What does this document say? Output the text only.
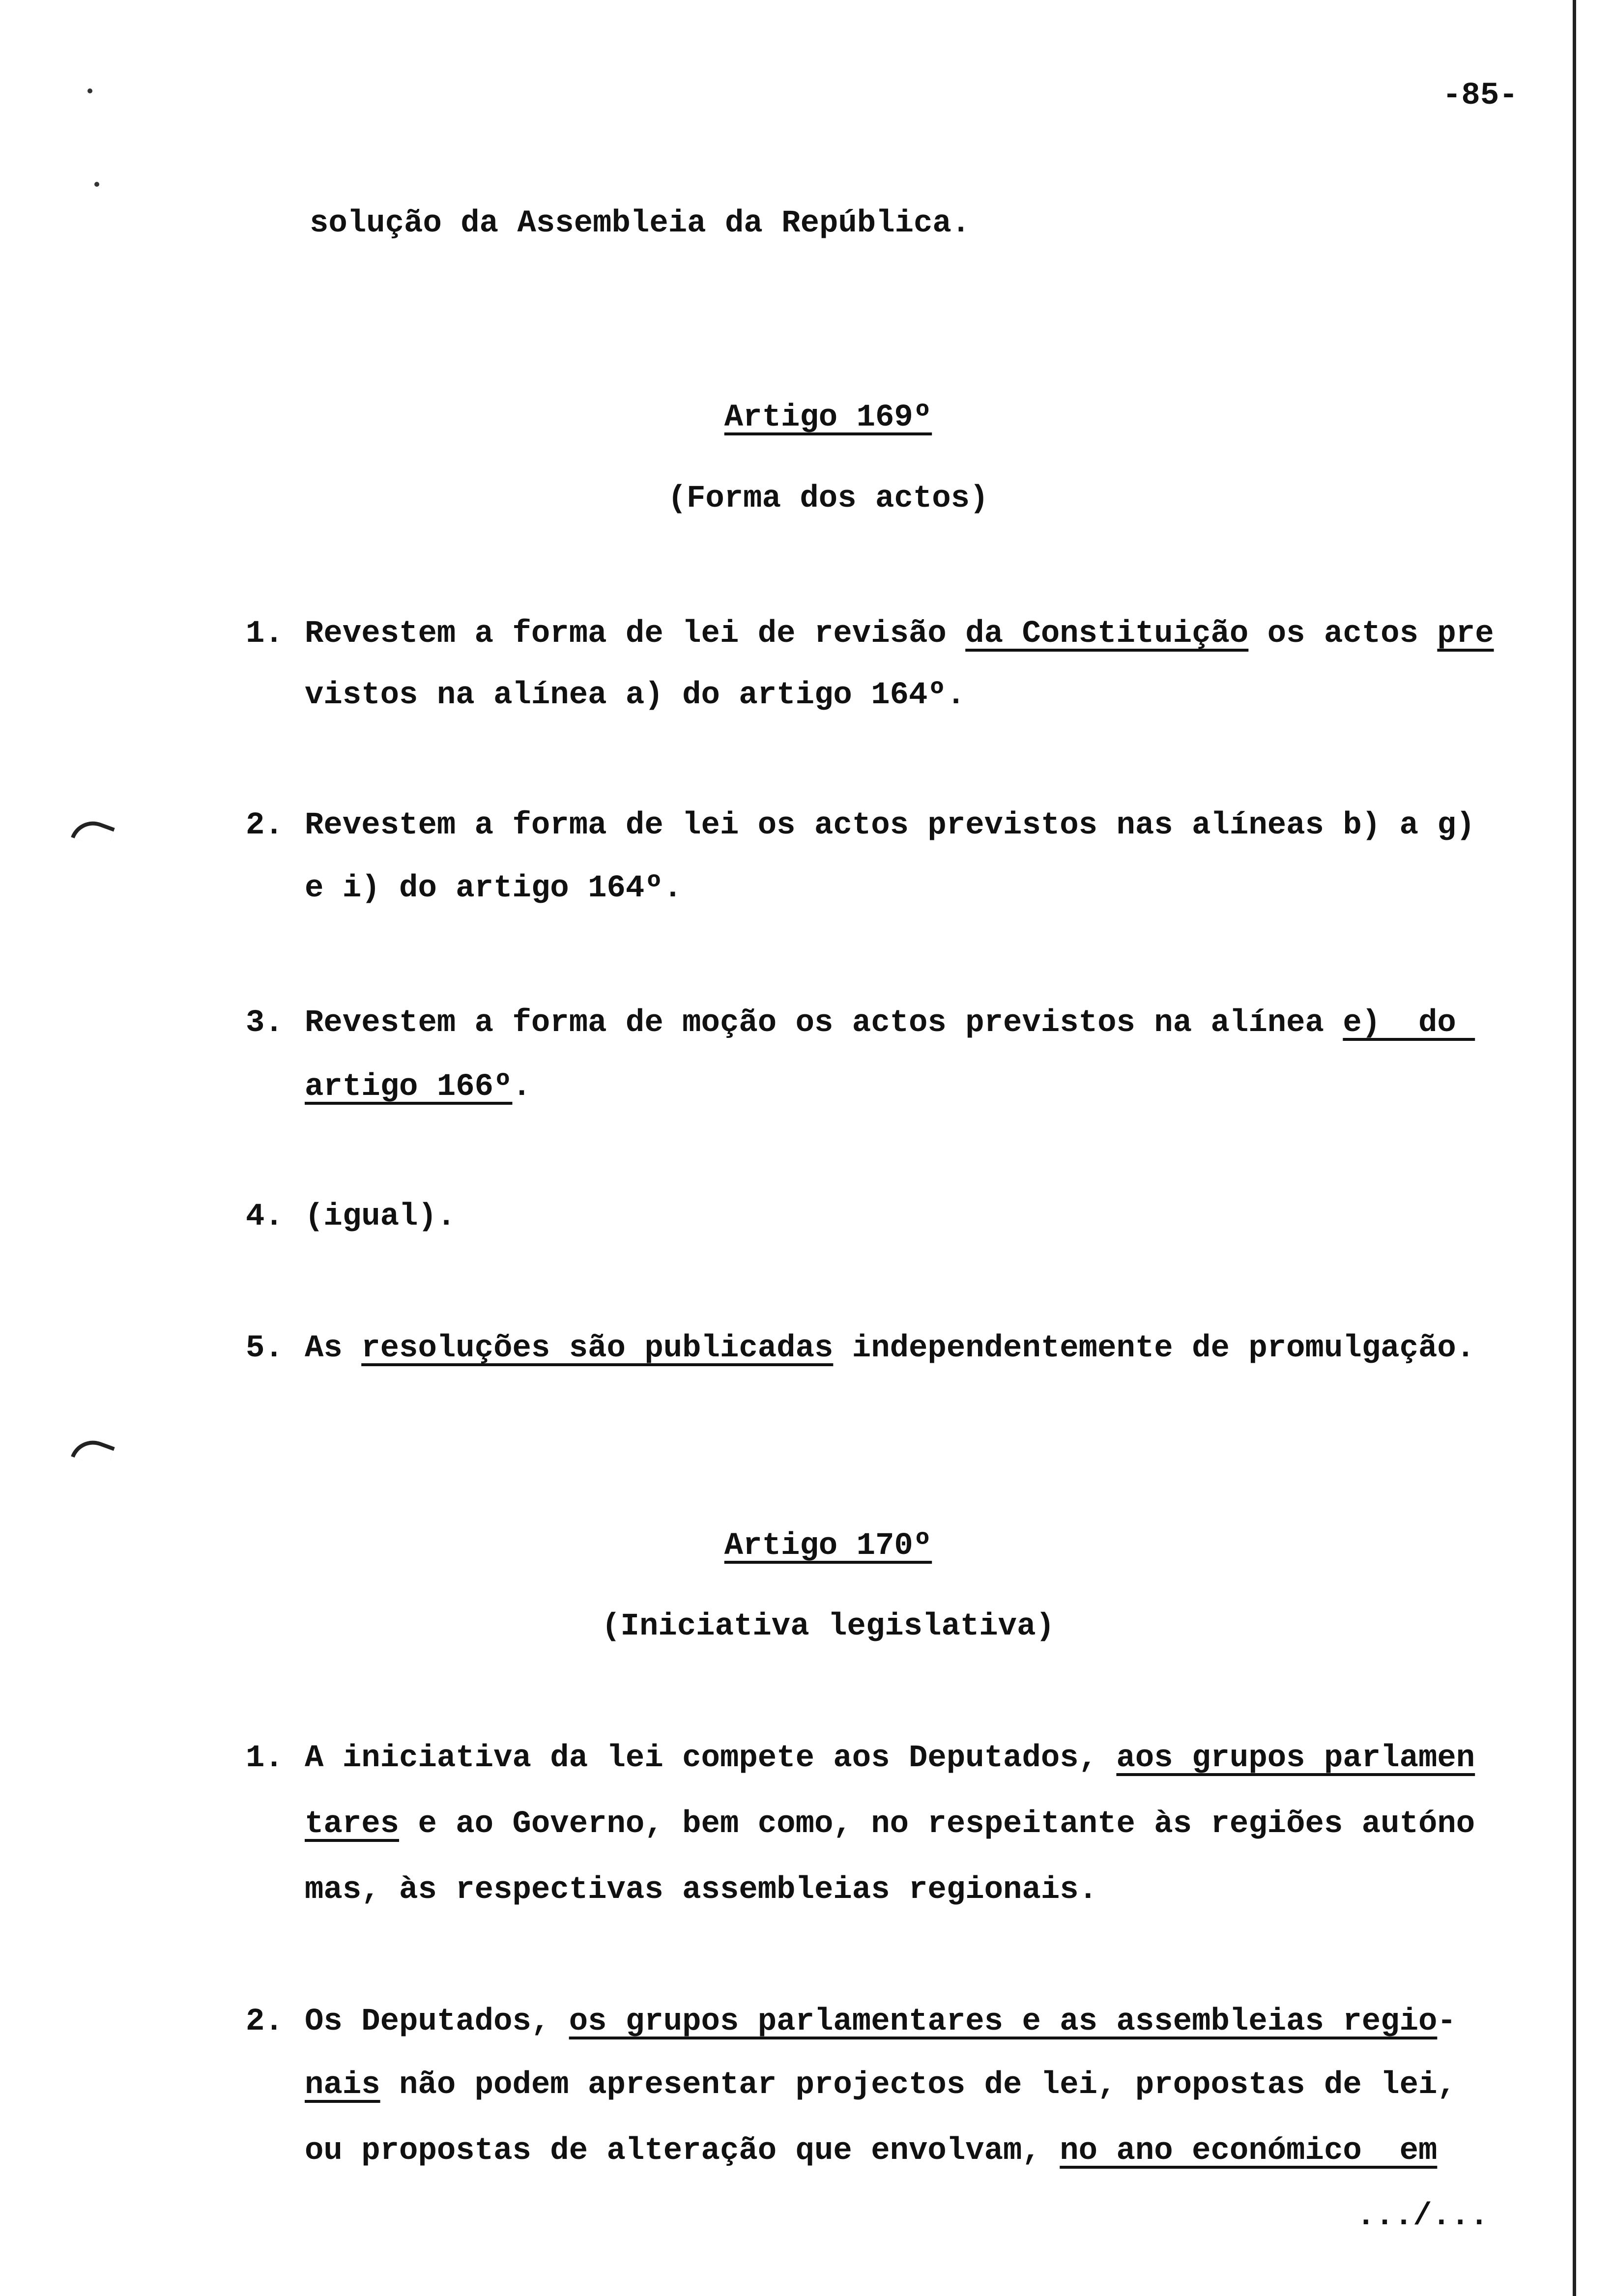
-85-
solução da Assembleia da República.
.../...
Artigo 169º
(Forma dos actos)
1. Revestem a forma de lei de revisão da Constituição os actos pre
vistos na alínea a) do artigo 164º.
2. Revestem a forma de lei os actos previstos nas alíneas b) a g)
e i) do artigo 164º.
3. Revestem a forma de moção os actos previstos na alínea e)  do
artigo 166º.
4. (igual).
5. As resoluções são publicadas independentemente de promulgação.
Artigo 170º
(Iniciativa legislativa)
1. A iniciativa da lei compete aos Deputados, aos grupos parlamen
tares e ao Governo, bem como, no respeitante às regiões autóno
mas, às respectivas assembleias regionais.
2. Os Deputados, os grupos parlamentares e as assembleias regio-
nais não podem apresentar projectos de lei, propostas de lei,
ou propostas de alteração que envolvam, no ano económico  em
